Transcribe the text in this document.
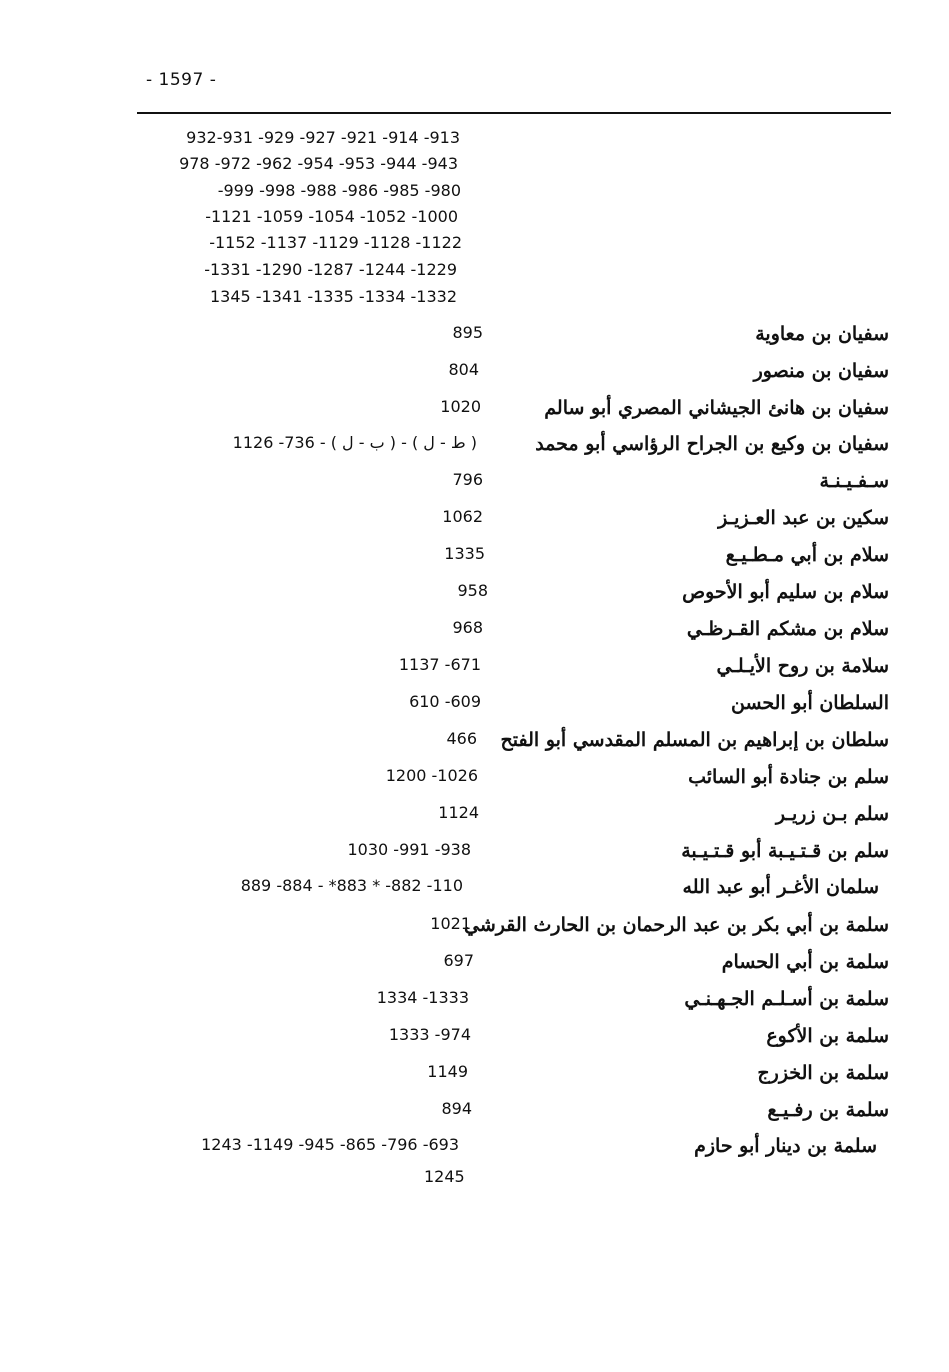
- 1597 -
932-931 -929 -927 -921 -914 -913
978 -972 -962 -954 -953 -944 -943
-999 -998 -988 -986 -985 -980
-1121 -1059 -1054 -1052 -1000
-1152 -1137 -1129 -1128 -1122
-1331 -1290 -1287 -1244 -1229
1345 -1341 -1335 -1334 -1332
سفيان بن معاوية
895
سفيان بن منصور
804
سفيان بن هانئ الجيشاني المصري أبو سالم
1020
سفيان بن وكيع بن الجراح الرؤاسي أبو محمد
1126 -736 - ( ب - ل ) - ( ط - ل )
سـفـيـنـة
796
سكين بن عبد العـزيـز
1062
سلام بن أبي مـطـيـع
1335
سلام بن سليم أبو الأحوص
958
سلام بن مشكم القـرظـي
968
سلامة بن روح الأيـلـي
1137 -671
السلطان أبو الحسن
610 -609
سلطان بن إبراهيم بن المسلم المقدسي أبو الفتح
466
سلم بن جنادة أبو السائب
1200 -1026
سلم بـن زريـر
1124
سلم بن قـتـيـبة أبو قـتـيـبة
1030 -991 -938
سلمان الأغـر أبو عبد الله
889 -884 - *883 * -882 -110
سلمة بن أبي بكر بن عبد الرحمان بن الحارث القرشي
1021
سلمة بن أبي الحسام
697
سلمة بن أسـلـم الجـهـنـي
1334 -1333
سلمة بن الأكوع
1333 -974
سلمة بن الخزرج
1149
سلمة بن رفـيـع
894
سلمة بن دينار أبو حازم
1243 -1149 -945 -865 -796 -693
1245
